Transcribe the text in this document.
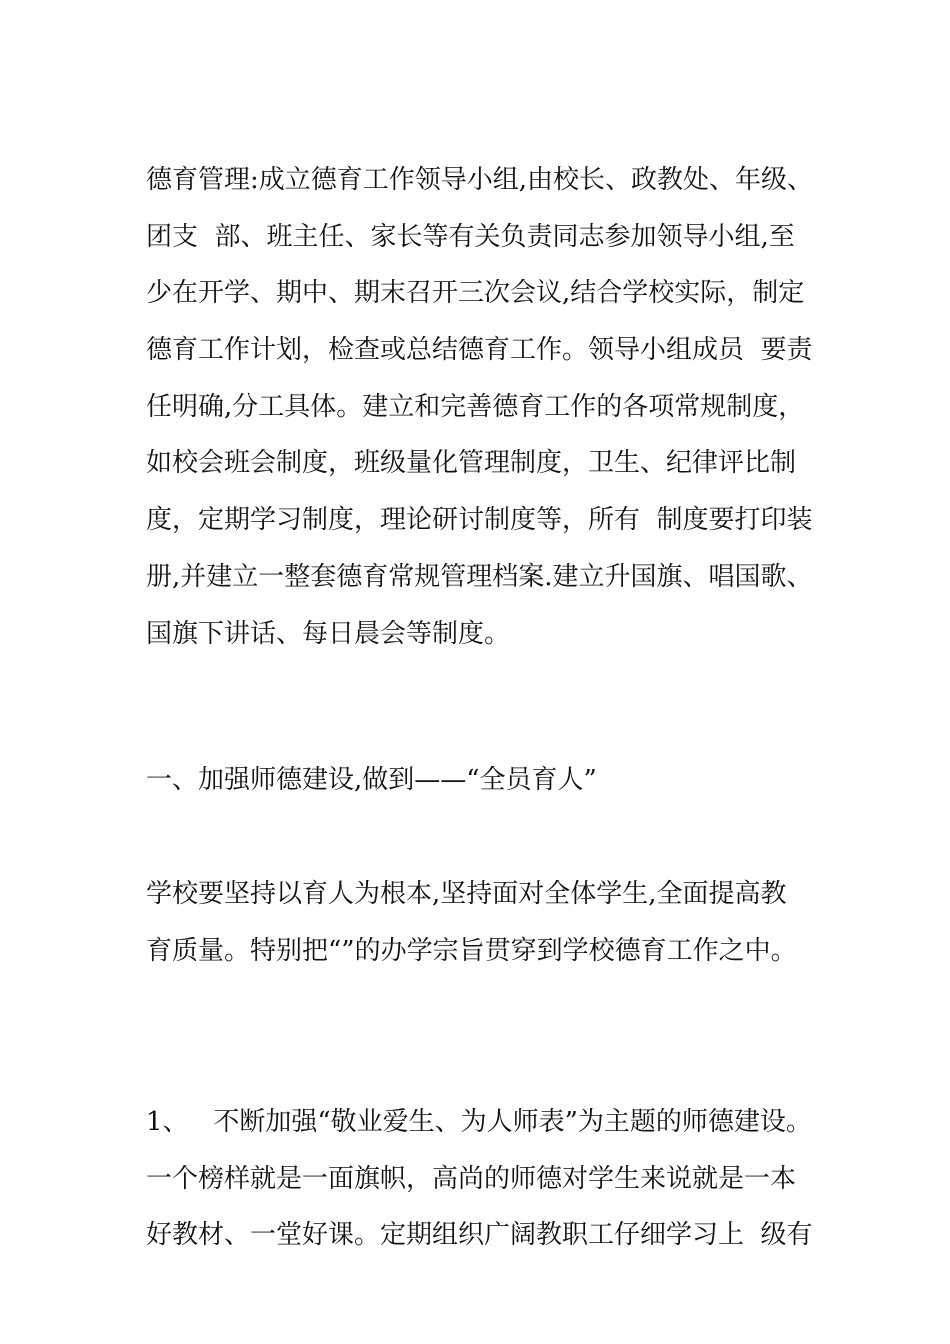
德育管理:成立德育工作领导小组,由校长、政教处、年级、
团支  部、班主任、家长等有关负责同志参加领导小组,至
少在开学、期中、期末召开三次会议,结合学校实际，制定
德育工作计划，检查或总结德育工作。领导小组成员  要责
任明确,分工具体。建立和完善德育工作的各项常规制度，
如校会班会制度，班级量化管理制度，卫生、纪律评比制
度，定期学习制度，理论研讨制度等，所有  制度要打印装
册,并建立一整套德育常规管理档案.建立升国旗、唱国歌、
国旗下讲话、每日晨会等制度。
一、加强师德建设,做到——“全员育人”
学校要坚持以育人为根本,坚持面对全体学生,全面提高教
育质量。特别把“”的办学宗旨贯穿到学校德育工作之中。
1、   不断加强“敬业爱生、为人师表”为主题的师德建设。
一个榜样就是一面旗帜，高尚的师德对学生来说就是一本
好教材、一堂好课。定期组织广阔教职工仔细学习上  级有
